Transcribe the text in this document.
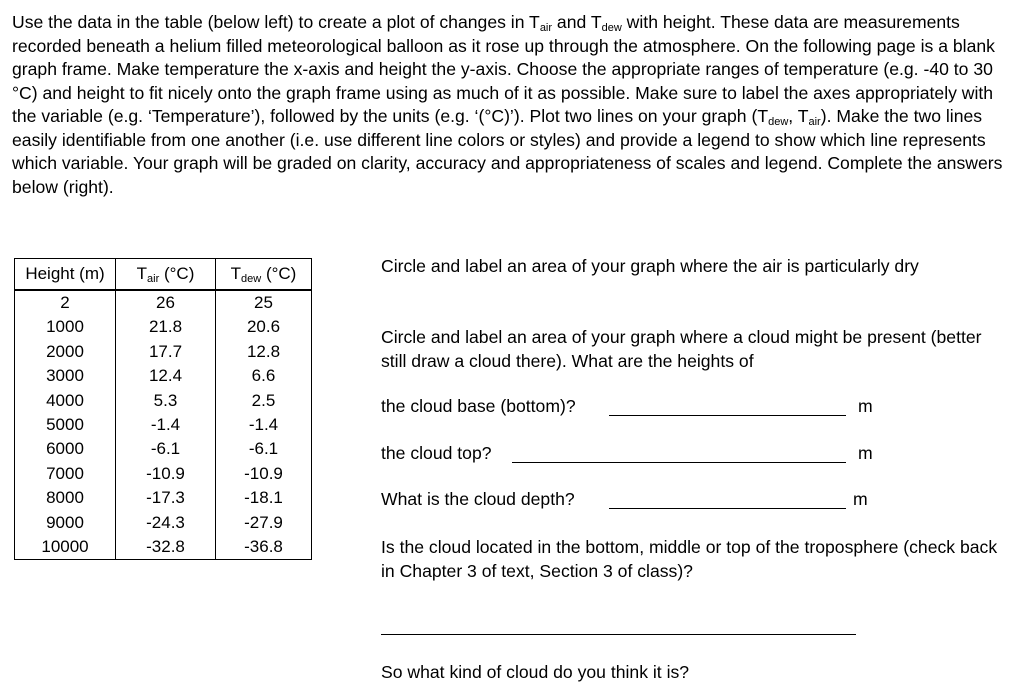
Use the data in the table (below left) to create a plot of changes in $T_{air}$ and $T_{dew}$ with height. These data are measurements recorded beneath a helium filled meteorological balloon as it rose up through the atmosphere. On the following page is a blank graph frame. Make temperature the x-axis and height the y-axis. Choose the appropriate ranges of temperature (e.g. -40 to 30 °C) and height to fit nicely onto the graph frame using as much of it as possible. Make sure to label the axes appropriately with the variable (e.g. ‘Temperature’), followed by the units (e.g. ‘(°C)’). Plot two lines on your graph ($T_{dew}$, $T_{air}$). Make the two lines easily identifiable from one another (i.e. use different line colors or styles) and provide a legend to show which line represents which variable. Your graph will be graded on clarity, accuracy and appropriateness of scales and legend. Complete the answers below (right).

Height (m)	$T_{air}$ (°C)	$T_{dew}$ (°C)
2	26	25
1000	21.8	20.6
2000	17.7	12.8
3000	12.4	6.6
4000	5.3	2.5
5000	-1.4	-1.4
6000	-6.1	-6.1
7000	-10.9	-10.9
8000	-17.3	-18.1
9000	-24.3	-27.9
10000	-32.8	-36.8
Circle and label an area of your graph where the air is particularly dry
Circle and label an area of your graph where a cloud might be present (better still draw a cloud there). What are the heights of
the cloud base (bottom)?	m
the cloud top?	m
What is the cloud depth?	m
Is the cloud located in the bottom, middle or top of the troposphere (check back in Chapter 3 of text, Section 3 of class)?
So what kind of cloud do you think it is?
